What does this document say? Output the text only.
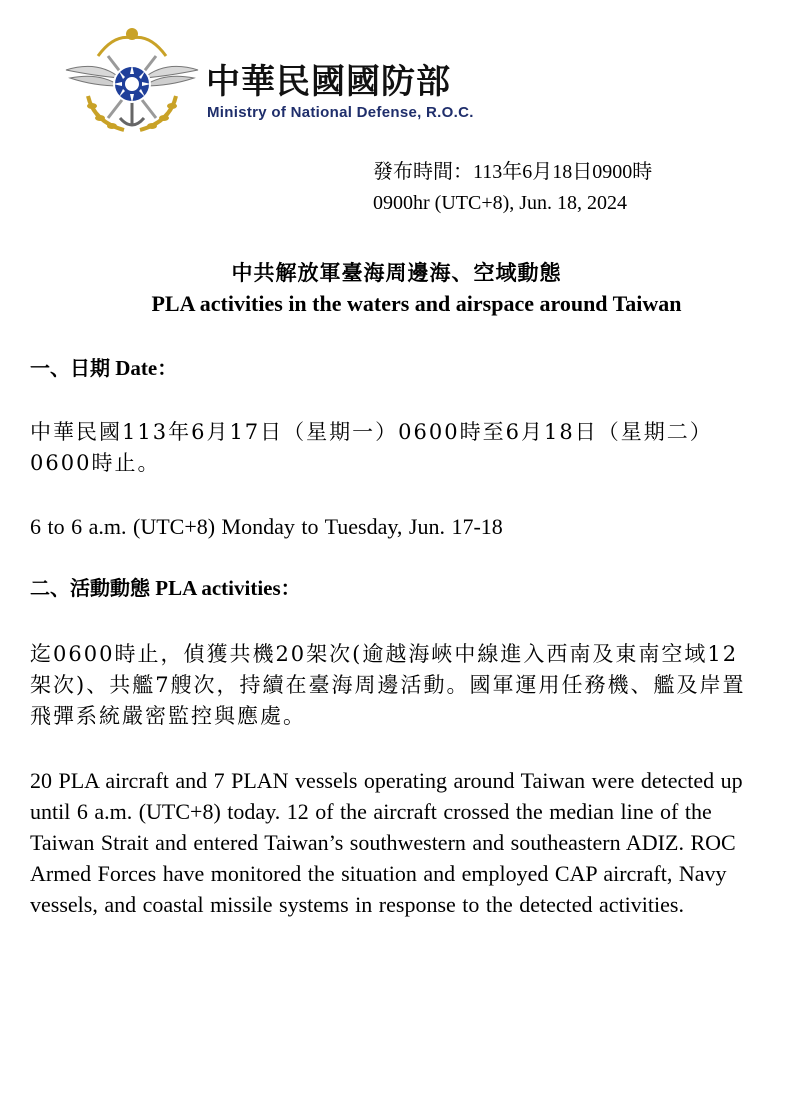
中華民國國防部
Ministry of National Defense, R.O.C.
發布時間：113年6月18日0900時
0900hr (UTC+8), Jun. 18, 2024
中共解放軍臺海周邊海、空域動態
PLA activities in the waters and airspace around Taiwan
一、日期 Date：
中華民國113年6月17日（星期一）0600時至6月18日（星期二）0600時止。
6 to 6 a.m. (UTC+8) Monday to Tuesday, Jun. 17-18
二、活動動態 PLA activities：
迄0600時止，偵獲共機20架次(逾越海峽中線進入西南及東南空域12架次)、共艦7艘次，持續在臺海周邊活動。國軍運用任務機、艦及岸置飛彈系統嚴密監控與應處。
20 PLA aircraft and 7 PLAN vessels operating around Taiwan were detected up until 6 a.m. (UTC+8) today. 12 of the aircraft crossed the median line of the Taiwan Strait and entered Taiwan’s southwestern and southeastern ADIZ. ROC Armed Forces have monitored the situation and employed CAP aircraft, Navy vessels, and coastal missile systems in response to the detected activities.
